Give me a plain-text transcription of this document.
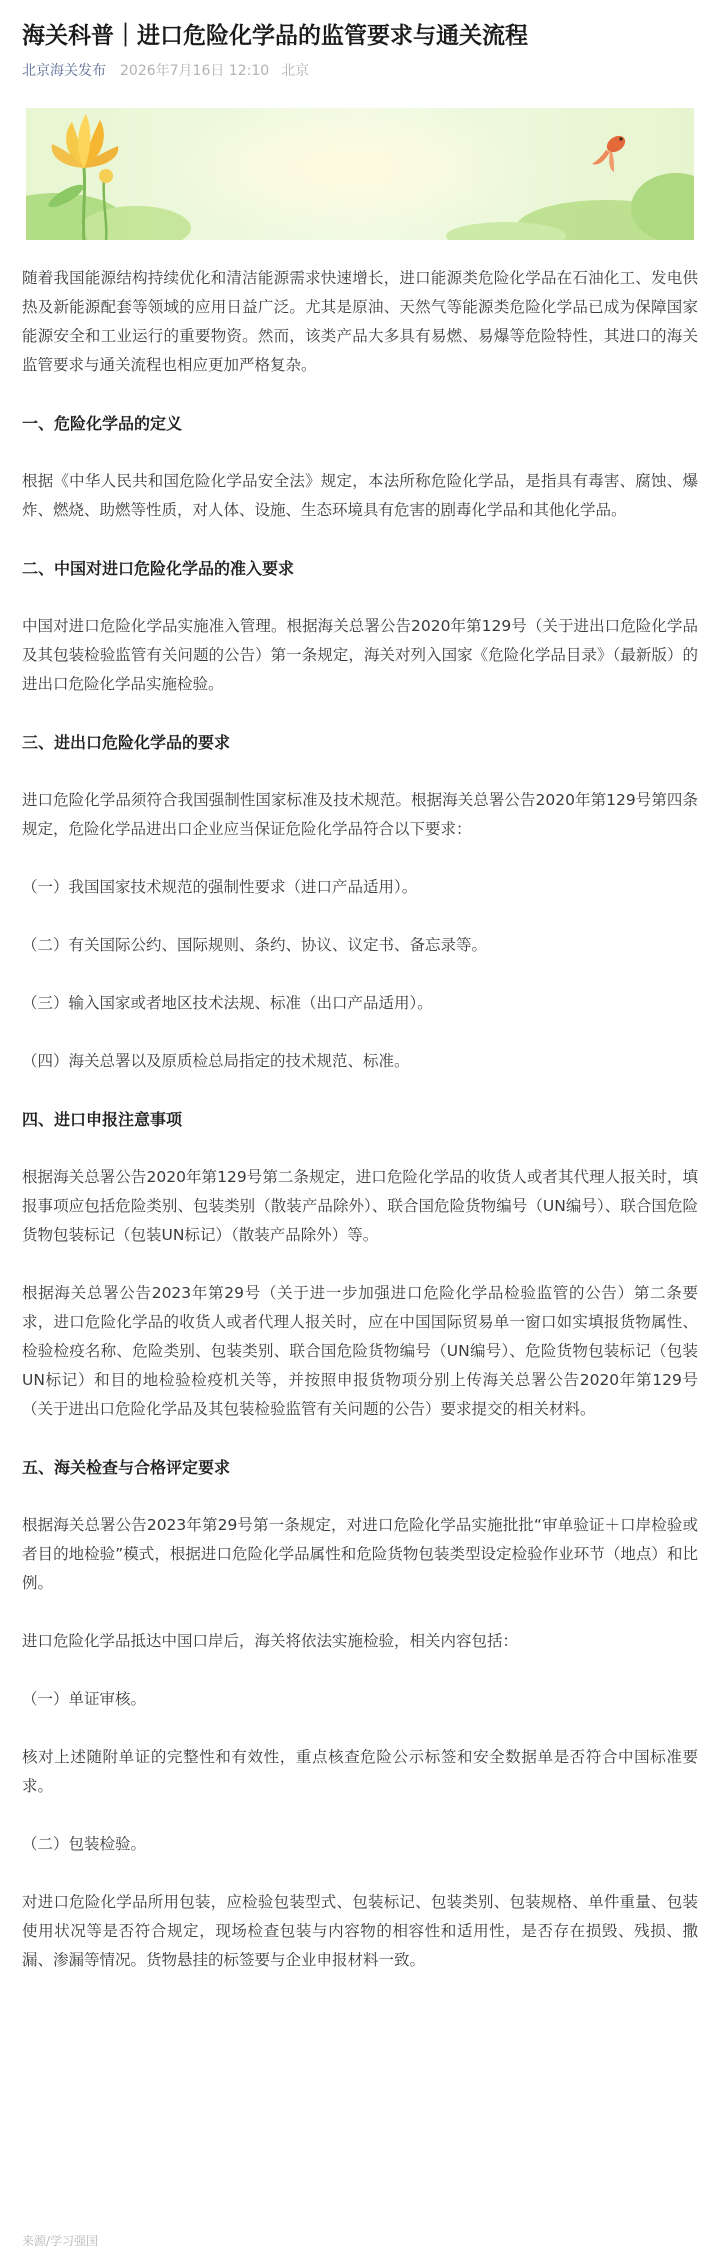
海关科普｜进口危险化学品的监管要求与通关流程
北京海关发布 2026年7月16日 12:10 北京

随着我国能源结构持续优化和清洁能源需求快速增长，进口能源类危险化学品在石油化工、发电供热及新能源配套等领域的应用日益广泛。尤其是原油、天然气等能源类危险化学品已成为保障国家能源安全和工业运行的重要物资。然而，该类产品大多具有易燃、易爆等危险特性，其进口的海关监管要求与通关流程也相应更加严格复杂。

一、危险化学品的定义

根据《中华人民共和国危险化学品安全法》规定，本法所称危险化学品，是指具有毒害、腐蚀、爆炸、燃烧、助燃等性质，对人体、设施、生态环境具有危害的剧毒化学品和其他化学品。

二、中国对进口危险化学品的准入要求

中国对进口危险化学品实施准入管理。根据海关总署公告2020年第129号（关于进出口危险化学品及其包装检验监管有关问题的公告）第一条规定，海关对列入国家《危险化学品目录》（最新版）的进出口危险化学品实施检验。

三、进出口危险化学品的要求

进口危险化学品须符合我国强制性国家标准及技术规范。根据海关总署公告2020年第129号第四条规定，危险化学品进出口企业应当保证危险化学品符合以下要求：

（一）我国国家技术规范的强制性要求（进口产品适用）。

（二）有关国际公约、国际规则、条约、协议、议定书、备忘录等。

（三）输入国家或者地区技术法规、标准（出口产品适用）。

（四）海关总署以及原质检总局指定的技术规范、标准。

四、进口申报注意事项

根据海关总署公告2020年第129号第二条规定，进口危险化学品的收货人或者其代理人报关时，填报事项应包括危险类别、包装类别（散装产品除外）、联合国危险货物编号（UN编号）、联合国危险货物包装标记（包装UN标记）（散装产品除外）等。

根据海关总署公告2023年第29号（关于进一步加强进口危险化学品检验监管的公告）第二条要求，进口危险化学品的收货人或者代理人报关时，应在中国国际贸易单一窗口如实填报货物属性、检验检疫名称、危险类别、包装类别、联合国危险货物编号（UN编号）、危险货物包装标记（包装UN标记）和目的地检验检疫机关等，并按照申报货物项分别上传海关总署公告2020年第129号（关于进出口危险化学品及其包装检验监管有关问题的公告）要求提交的相关材料。

五、海关检查与合格评定要求

根据海关总署公告2023年第29号第一条规定，对进口危险化学品实施批批“审单验证＋口岸检验或者目的地检验”模式，根据进口危险化学品属性和危险货物包装类型设定检验作业环节（地点）和比例。

进口危险化学品抵达中国口岸后，海关将依法实施检验，相关内容包括：

（一）单证审核。

核对上述随附单证的完整性和有效性，重点核查危险公示标签和安全数据单是否符合中国标准要求。

（二）包装检验。

对进口危险化学品所用包装，应检验包装型式、包装标记、包装类别、包装规格、单件重量、包装使用状况等是否符合规定，现场检查包装与内容物的相容性和适用性，是否存在损毁、残损、撒漏、渗漏等情况。货物悬挂的标签要与企业申报材料一致。

来源/学习强国
